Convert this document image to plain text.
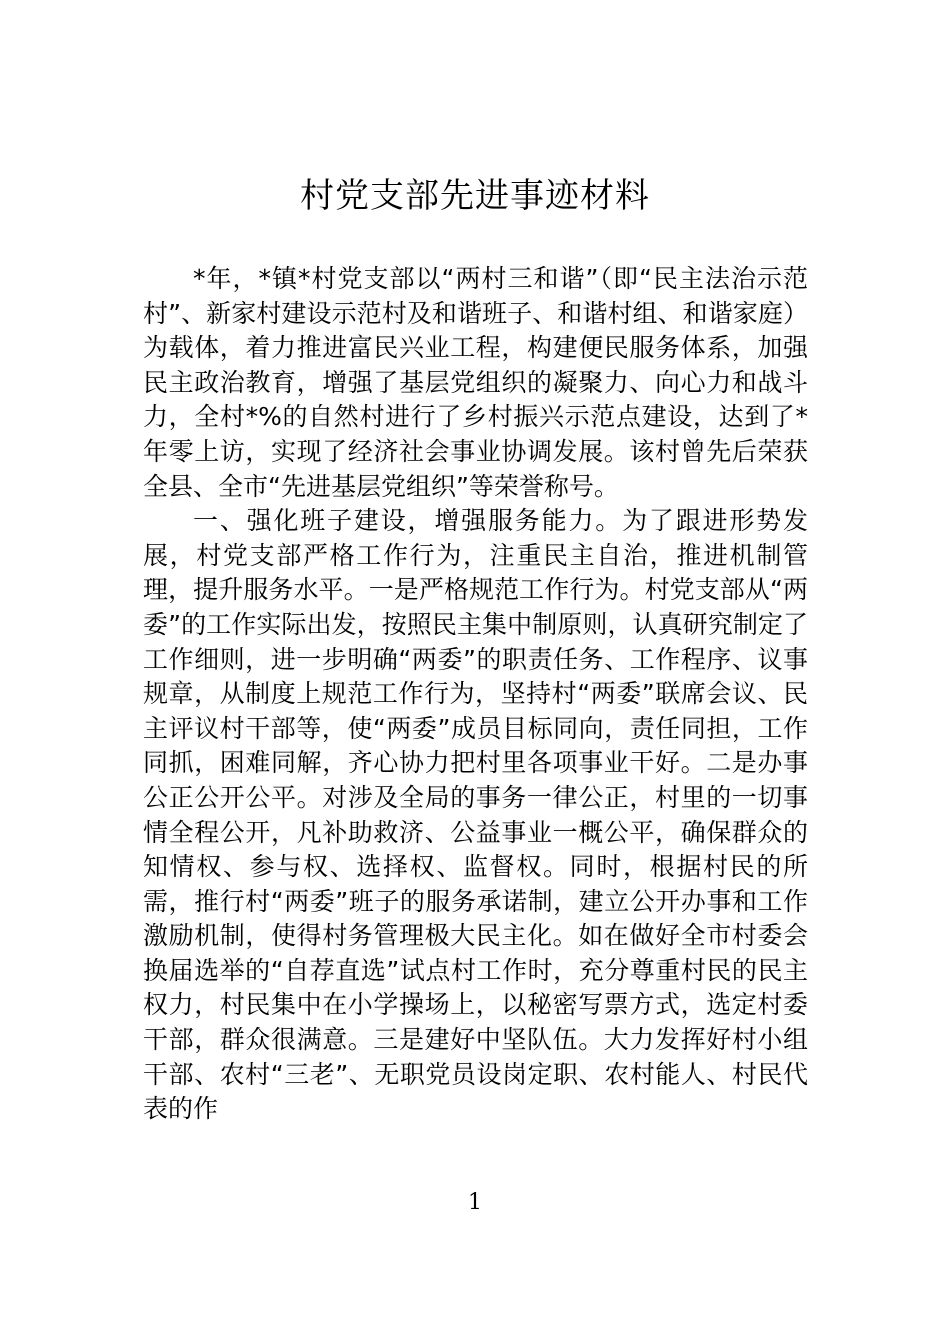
村党支部先进事迹材料

*年，*镇*村党支部以“两村三和谐”（即“民主法治示范村”、新家村建设示范村及和谐班子、和谐村组、和谐家庭）为载体，着力推进富民兴业工程，构建便民服务体系，加强民主政治教育，增强了基层党组织的凝聚力、向心力和战斗力，全村*%的自然村进行了乡村振兴示范点建设，达到了*年零上访，实现了经济社会事业协调发展。该村曾先后荣获全县、全市“先进基层党组织”等荣誉称号。

一、强化班子建设，增强服务能力。为了跟进形势发展，村党支部严格工作行为，注重民主自治，推进机制管理，提升服务水平。一是严格规范工作行为。村党支部从“两委”的工作实际出发，按照民主集中制原则，认真研究制定了工作细则，进一步明确“两委”的职责任务、工作程序、议事规章，从制度上规范工作行为，坚持村“两委”联席会议、民主评议村干部等，使“两委”成员目标同向，责任同担，工作同抓，困难同解，齐心协力把村里各项事业干好。二是办事公正公开公平。对涉及全局的事务一律公正，村里的一切事情全程公开，凡补助救济、公益事业一概公平，确保群众的知情权、参与权、选择权、监督权。同时，根据村民的所需，推行村“两委”班子的服务承诺制，建立公开办事和工作激励机制，使得村务管理极大民主化。如在做好全市村委会换届选举的“自荐直选”试点村工作时，充分尊重村民的民主权力，村民集中在小学操场上，以秘密写票方式，选定村委干部，群众很满意。三是建好中坚队伍。大力发挥好村小组干部、农村“三老”、无职党员设岗定职、农村能人、村民代表的作

1
